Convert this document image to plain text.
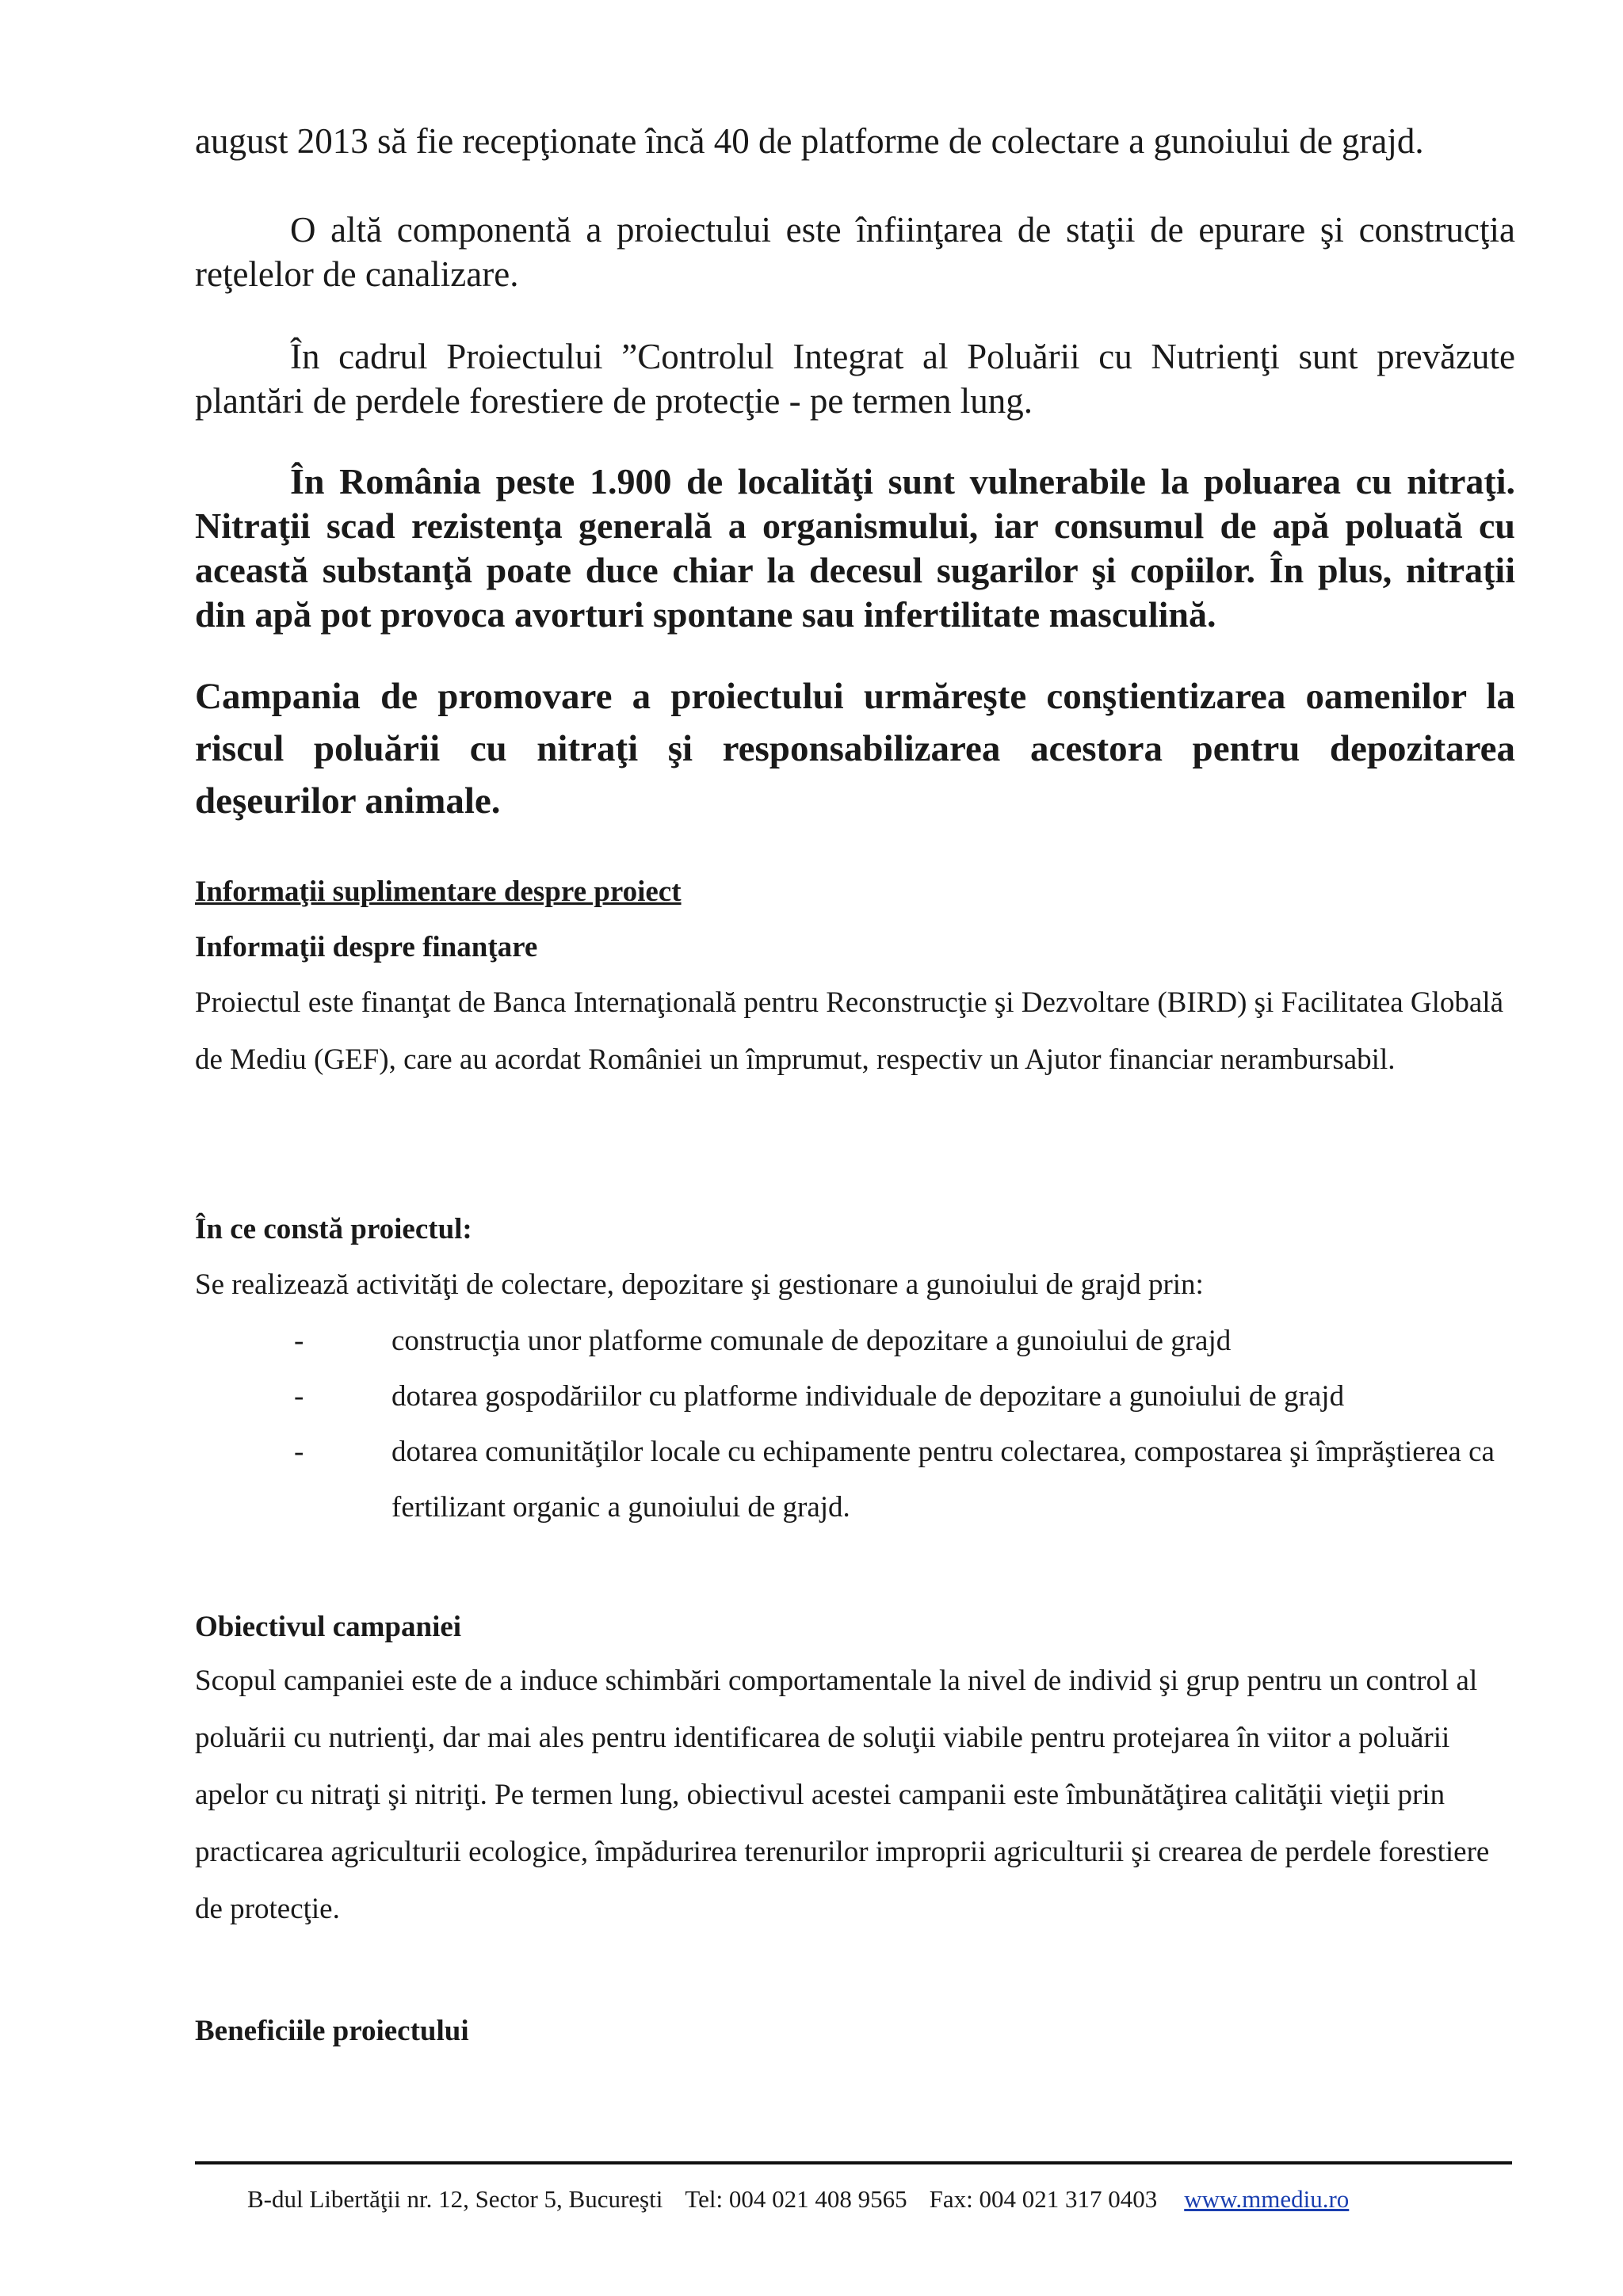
august 2013 să fie recepţionate încă 40 de platforme de colectare a gunoiului de grajd.

O altă componentă a proiectului este înfiinţarea de staţii de epurare şi construcţia reţelelor de canalizare.

În cadrul Proiectului ”Controlul Integrat al Poluării cu Nutrienţi sunt prevăzute plantări de perdele forestiere de protecţie - pe termen lung.

În România peste 1.900 de localităţi sunt vulnerabile la poluarea cu nitraţi. Nitraţii scad rezistenţa generală a organismului, iar consumul de apă poluată cu această substanţă poate duce chiar la decesul sugarilor şi copiilor. În plus, nitraţii din apă pot provoca avorturi spontane sau infertilitate masculină.

Campania de promovare a proiectului urmăreşte conştientizarea oamenilor la riscul poluării cu nitraţi şi responsabilizarea acestora pentru depozitarea deşeurilor animale.

Informaţii suplimentare despre proiect
Informaţii despre finanţare

Proiectul este finanţat de Banca Internaţională pentru Reconstrucţie şi Dezvoltare (BIRD) şi Facilitatea Globală de Mediu (GEF), care au acordat României un împrumut, respectiv un Ajutor financiar nerambursabil.

În ce constă proiectul:

Se realizează activităţi de colectare, depozitare şi gestionare a gunoiului de grajd prin:

-	construcţia unor platforme comunale de depozitare a gunoiului de grajd
-	dotarea gospodăriilor cu platforme individuale de depozitare a gunoiului de grajd
-	dotarea comunităţilor locale cu echipamente pentru colectarea, compostarea şi împrăştierea ca fertilizant organic a gunoiului de grajd.
Obiectivul campaniei

Scopul campaniei este de a induce schimbări comportamentale la nivel de individ şi grup pentru un control al poluării cu nutrienţi, dar mai ales pentru identificarea de soluţii viabile pentru protejarea în viitor a poluării apelor cu nitraţi şi nitriţi. Pe termen lung, obiectivul acestei campanii este îmbunătăţirea calităţii vieţii prin practicarea agriculturii ecologice, împădurirea terenurilor improprii agriculturii şi crearea de perdele forestiere de protecţie.

Beneficiile proiectului
B-dul Libertăţii nr. 12, Sector 5, Bucureşti Tel: 004 021 408 9565 Fax: 004 021 317 0403 www.mmediu.ro
